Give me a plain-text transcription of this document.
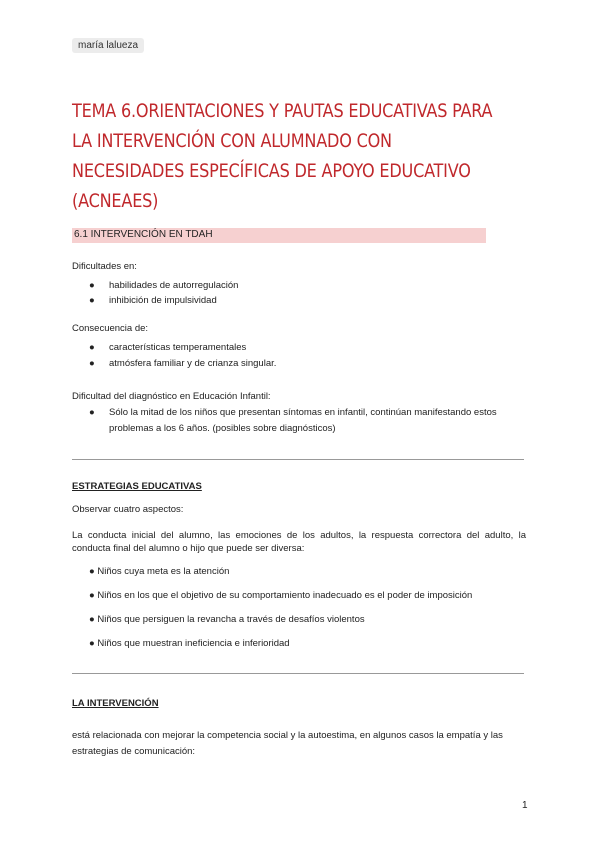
maría lalueza
TEMA 6.ORIENTACIONES Y PAUTAS EDUCATIVAS PARA LA INTERVENCIÓN CON ALUMNADO CON NECESIDADES ESPECÍFICAS DE APOYO EDUCATIVO (ACNEAES)
6.1 INTERVENCIÓN EN TDAH
Dificultades en:
● habilidades de autorregulación
● inhibición de impulsividad
Consecuencia de:
● características temperamentales
● atmósfera familiar y de crianza singular.
Dificultad del diagnóstico en Educación Infantil:
● Sólo la mitad de los niños que presentan síntomas en infantil, continúan manifestando estos
problemas a los 6 años. (posibles sobre diagnósticos)
ESTRATEGIAS EDUCATIVAS
Observar cuatro aspectos:
La conducta inicial del alumno, las emociones de los adultos, la respuesta correctora del adulto, la conducta final del alumno o hijo que puede ser diversa:
● Niños cuya meta es la atención
● Niños en los que el objetivo de su comportamiento inadecuado es el poder de imposición
● Niños que persiguen la revancha a través de desafíos violentos
● Niños que muestran ineficiencia e inferioridad
LA INTERVENCIÓN
está relacionada con mejorar la competencia social y la autoestima, en algunos casos la empatía y las estrategias de comunicación:
1
